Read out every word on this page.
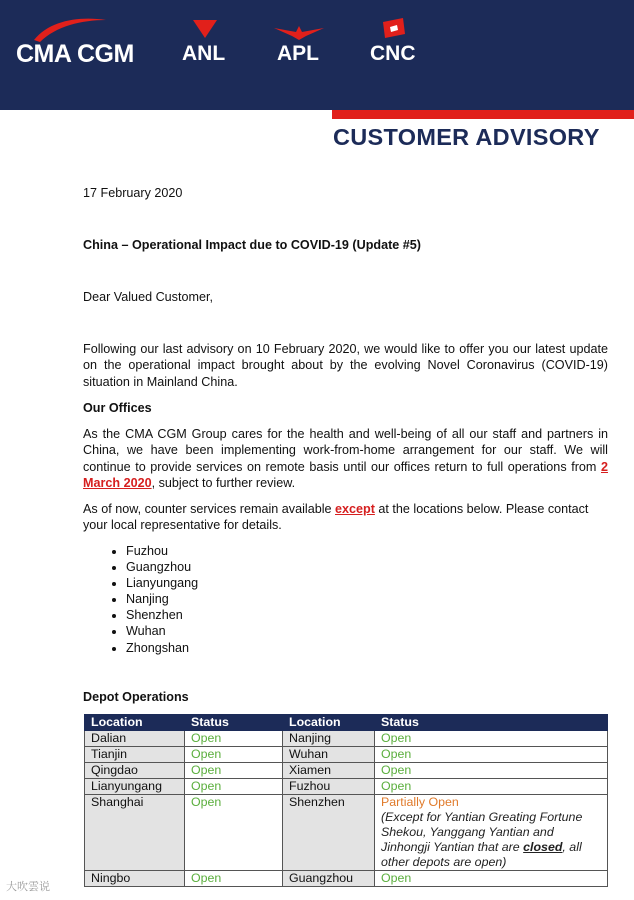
CMA CGM ANL APL CNC
CUSTOMER ADVISORY

17 February 2020

China – Operational Impact due to COVID-19 (Update #5)

Dear Valued Customer,

Following our last advisory on 10 February 2020, we would like to offer you our latest update on the operational impact brought about by the evolving Novel Coronavirus (COVID-19) situation in Mainland China.

Our Offices

As the CMA CGM Group cares for the health and well-being of all our staff and partners in China, we have been implementing work-from-home arrangement for our staff. We will continue to provide services on remote basis until our offices return to full operations from 2 March 2020, subject to further review.

As of now, counter services remain available except at the locations below. Please contact your local representative for details.

• Fuzhou
• Guangzhou
• Lianyungang
• Nanjing
• Shenzhen
• Wuhan
• Zhongshan

Depot Operations

Location	Status	Location	Status
Dalian	Open	Nanjing	Open
Tianjin	Open	Wuhan	Open
Qingdao	Open	Xiamen	Open
Lianyungang	Open	Fuzhou	Open
Shanghai	Open	Shenzhen	Partially Open
(Except for Yantian Greating Fortune Shekou, Yanggang Yantian and Jinhongji Yantian that are closed, all other depots are open)

Ningbo	Open	Guangzhou	Open
大吹雲说
